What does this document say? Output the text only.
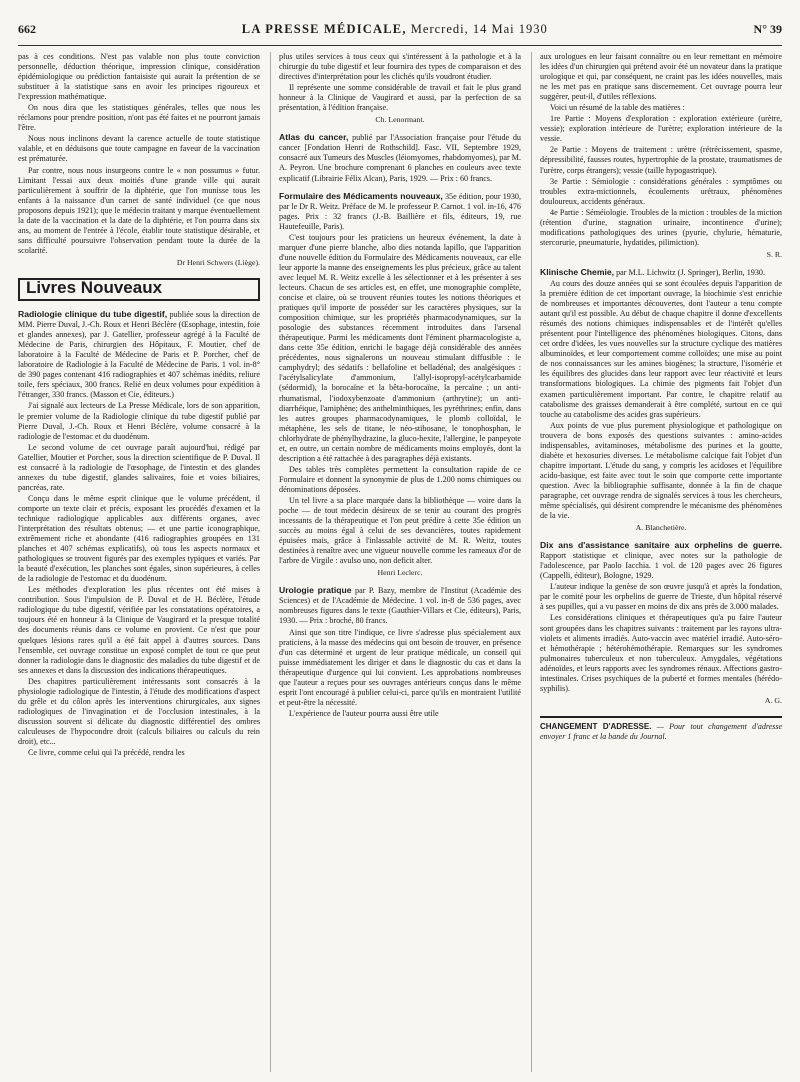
662	LA PRESSE MÉDICALE, Mercredi, 14 Mai 1930	N° 39

pas à ces conditions. N'est pas valable non plus toute conviction personnelle, déduction théorique, impression clinique, considération épidémiologique ou prédiction fantaisiste qui aurait la prétention de se substituer à la statistique sans en avoir les principes rigoureux et l'expression mathématique.

On nous dira que les statistiques générales, telles que nous les réclamons pour prendre position, n'ont pas été faites et ne pourront jamais l'être.

Nous nous inclinons devant la carence actuelle de toute statistique valable, et en déduisons que toute campagne en faveur de la vaccination est prématurée.

Par contre, nous nous insurgeons contre le « non possumus » futur. Limitant l'essai aux deux moitiés d'une grande ville qui aurait particulièrement à souffrir de la diphtérie, que l'on munisse tous les enfants à la naissance d'un carnet de santé individuel (ce que nous proposons depuis 1921); que le médecin traitant y marque éventuellement la date de la vaccination et la date de la diphtérie, et l'on pourra dans six ans, au moment de l'entrée à l'école, établir toute statistique désirable, et sans difficulté poursuivre l'observation pendant toute la durée de la scolarité.

Dr Henri Schwers (Liège).

Livres Nouveaux

Radiologie clinique du tube digestif, publiée sous la direction de MM. Pierre Duval, J.-Ch. Roux et Henri Béclère (Œsophage, intestin, foie et glandes annexes), par J. Gatellier, professeur agrégé à la Faculté de Médecine de Paris, chirurgien des Hôpitaux, F. Moutier, chef de laboratoire à la Faculté de Médecine de Paris et P. Porcher, chef de laboratoire de Radiologie à la Faculté de Médecine de Paris. 1 vol. in-8° de 390 pages contenant 416 radiographies et 407 schémas inédits, reliure toile, fers spéciaux, 300 francs. Relié en deux volumes pour expédition à l'étranger, 330 francs. (Masson et Cie, éditeurs.)

J'ai signalé aux lecteurs de La Presse Médicale, lors de son apparition, le premier volume de la Radiologie clinique du tube digestif publié par Pierre Duval, J.-Ch. Roux et Henri Béclère, volume consacré à la radiologie de l'estomac et du duodénum.

Le second volume de cet ouvrage paraît aujourd'hui, rédigé par Gatellier, Moutier et Porcher, sous la direction scientifique de P. Duval. Il est consacré à la radiologie de l'œsophage, de l'intestin et des glandes annexes du tube digestif, glandes salivaires, foie et voies biliaires, pancréas, rate.

Conçu dans le même esprit clinique que le volume précédent, il comporte un texte clair et précis, exposant les procédés d'examen et la technique radiologique applicables aux différents organes, avec l'interprétation des résultats obtenus; — et une partie iconographique, extrêmement riche et abondante (416 radiographies groupées en 131 planches et 407 schémas explicatifs), où tous les aspects normaux et pathologiques se trouvent figurés par des exemples typiques et variés. Par la beauté d'exécution, les planches sont égales, sinon supérieures, à celles de la radiologie de l'estomac et du duodénum.

Les méthodes d'exploration les plus récentes ont été mises à contribution. Sous l'impulsion de P. Duval et de H. Béclère, l'étude radiologique du tube digestif, vérifiée par les constatations opératoires, a toujours été en honneur à la Clinique de Vaugirard et la presque totalité des documents réunis dans ce volume en provient. Ce n'est que pour quelques lésions rares qu'il a été fait appel à d'autres sources. Dans l'ensemble, cet ouvrage constitue un exposé complet de tout ce que peut donner la radiologie dans le diagnostic des maladies du tube digestif et de ses annexes et dans la discussion des indications thérapeutiques.

Des chapitres particulièrement intéressants sont consacrés à la physiologie radiologique de l'intestin, à l'étude des modifications d'aspect du grêle et du côlon après les interventions chirurgicales, aux signes radiologiques de l'invagination et de l'occlusion intestinales, à la discussion souvent si délicate du diagnostic différentiel des ombres calculeuses de l'hypocondre droit (calculs biliaires ou calculs du rein droit), etc...

Ce livre, comme celui qui l'a précédé, rendra les

plus utiles services à tous ceux qui s'intéressent à la pathologie et à la chirurgie du tube digestif et leur fournira des types de comparaison et des directives d'interprétation pour les clichés qu'ils voudront étudier.

Il représente une somme considérable de travail et fait le plus grand honneur à la Clinique de Vaugirard et aussi, par la perfection de sa présentation, à l'édition française.

Ch. Lenormant.

Atlas du cancer, publié par l'Association française pour l'étude du cancer [Fondation Henri de Rothschild]. Fasc. VII, Septembre 1929, consacré aux Tumeurs des Muscles (léiomyomes, rhabdomyomes), par M. A. Peyron. Une brochure comprenant 6 planches en couleurs avec texte explicatif (Librairie Félix Alcan), Paris, 1929. — Prix : 60 francs.

Formulaire des Médicaments nouveaux, 35e édition, pour 1930, par le Dr R. Weitz. Préface de M. le professeur P. Carnot. 1 vol. in-16, 476 pages. Prix : 32 francs (J.-B. Baillière et fils, éditeurs, 19, rue Hautefeuille, Paris).

C'est toujours pour les praticiens un heureux événement, la date à marquer d'une pierre blanche, albo dies notanda lapillo, que l'apparition d'une nouvelle édition du Formulaire des Médicaments nouveaux, car elle leur apporte la manne des enseignements les plus précieux, grâce au talent avec lequel M. R. Weitz excelle à les sélectionner et à les présenter à ses lecteurs. Chacun de ses articles est, en effet, une monographie complète, concise et claire, où se trouvent réunies toutes les notions théoriques et pratiques qu'il importe de posséder sur les caractères physiques, sur la composition chimique, sur les propriétés pharmacodynamiques, sur la posologie des substances récemment introduites dans l'arsenal thérapeutique. Parmi les médicaments dont l'éminent pharmacologiste a, dans cette 35e édition, enrichi le bagage déjà considérable des années précédentes, nous signalerons un nouveau stimulant diffusible : le camphydryl; des sédatifs : bellafoline et belladénal; des analgésiques : l'acétylsalicylate d'ammonium, l'allyl-isopropyl-acétylcarbamide (sédormid), la borocaïne et la bêta-borocaïne, la percaïne ; un anti-rhumatismal, l'iodoxybenzoate d'ammonium (arthrytine); un anti-diarrhéique, l'amiphène; des anthelminthiques, les pyréthrines; enfin, dans les autres groupes pharmacodynamiques, le plomb colloïdal, le métaphène, les sels de titane, le néo-stibosane, le tonophosphan, le chlorhydrate de phénylhydrazine, la gluco-hexite, l'allergine, le panpeyote et, en outre, un certain nombre de médicaments moins employés, dont la description a été rattachée à des paragraphes déjà existants.

Des tables très complètes permettent la consultation rapide de ce Formulaire et donnent la synonymie de plus de 1.200 noms chimiques ou dénominations déposées.

Un tel livre a sa place marquée dans la bibliothèque — voire dans la poche — de tout médecin désireux de se tenir au courant des progrès incessants de la thérapeutique et l'on peut prédire à cette 35e édition un succès au moins égal à celui de ses devancières, toutes rapidement épuisées mais, grâce à l'inlassable activité de M. R. Weitz, toutes destinées à renaître avec une vigueur nouvelle comme les rameaux d'or de l'arbre de Virgile : avulso uno, non deficit alter.

Henri Leclerc.

Urologie pratique par P. Bazy, membre de l'Institut (Académie des Sciences) et de l'Académie de Médecine. 1 vol. in-8 de 536 pages, avec nombreuses figures dans le texte (Gauthier-Villars et Cie, éditeurs), Paris, 1930. — Prix : broché, 80 francs.

Ainsi que son titre l'indique, ce livre s'adresse plus spécialement aux praticiens, à la masse des médecins qui ont besoin de trouver, en présence d'un cas déterminé et urgent de leur pratique médicale, un conseil qui puisse immédiatement les diriger et dans le diagnostic du cas et dans la thérapeutique d'urgence qui lui convient. Les approbations nombreuses que l'auteur a reçues pour ses ouvrages antérieurs conçus dans le même esprit l'ont encouragé à publier celui-ci, parce qu'ils en montraient l'utilité et peut-être la nécessité.

L'expérience de l'auteur pourra aussi être utile

aux urologues en leur faisant connaître ou en leur remettant en mémoire les idées d'un chirurgien qui prétend avoir été un novateur dans la pratique urologique et qui, par conséquent, ne craint pas les idées nouvelles, mais ne les met pas en pratique sans discernement. Cet ouvrage pourra leur suggérer, peut-il, d'utiles réflexions.

Voici un résumé de la table des matières :

1re Partie : Moyens d'exploration : exploration extérieure (urètre, vessie); exploration intérieure de l'urètre; exploration intérieure de la vessie.

2e Partie : Moyens de traitement : urètre (rétrécissement, spasme, dépressibilité, fausses routes, hypertrophie de la prostate, traumatismes de l'urètre, corps étrangers); vessie (taille hypogastrique).

3e Partie : Sémiologie : considérations générales : symptômes ou troubles extra-mictionnels, écoulements urétraux, phénomènes douloureux, accidents généraux.

4e Partie : Séméiologie. Troubles de la miction : troubles de la miction (rétention d'urine, stagnation urinaire, incontinence d'urine); modifications pathologiques des urines (pyurie, chylurie, hématurie, stercorurie, pneumaturie, hydatides, pilimiction).

S. R.

Klinische Chemie, par M.L. Lichwitz (J. Springer), Berlin, 1930.

Au cours des douze années qui se sont écoulées depuis l'apparition de la première édition de cet important ouvrage, la biochimie s'est enrichie de nombreuses et importantes découvertes, dont l'auteur a tenu compte autant qu'il est possible. Au début de chaque chapitre il donne d'excellents résumés des notions chimiques indispensables et de l'intérêt qu'elles présentent pour l'intelligence des phénomènes biologiques. Citons, dans cet ordre d'idées, les vues nouvelles sur la structure cyclique des matières albuminoïdes, et leur comportement comme colloïdes; une mise au point de nos connaissances sur les amines biogènes; la structure, l'isomérie et les équilibres des glucides dans leur rapport avec leur réactivité et leurs transformations biologiques. La chimie des pigments fait l'objet d'un examen particulièrement important. Par contre, le chapitre relatif au catabolisme des graisses demanderait à être complété, surtout en ce qui touche au catabolisme des acides gras supérieurs.

Aux points de vue plus purement physiologique et pathologique on trouvera de bons exposés des questions suivantes : amino-acides indispensables, avitaminoses, métabolisme des purines et la goutte, diabète et hexosuries diverses. Le métabolisme calcique fait l'objet d'un chapitre important. L'étude du sang, y compris les acidoses et l'équilibre acido-basique, est faite avec tout le soin que comporte cette importante question. Avec la bibliographie suffisante, donnée à la fin de chaque paragraphe, cet ouvrage rendra de signalés services à tous les chercheurs, même spécialisés, qui désirent comprendre le mécanisme des phénomènes de la vie.

A. Blanchetière.

Dix ans d'assistance sanitaire aux orphelins de guerre. Rapport statistique et clinique, avec notes sur la pathologie de l'adolescence, par Paolo Iacchia. 1 vol. de 120 pages avec 26 figures (Cappelli, éditeur), Bologne, 1929.

L'auteur indique la genèse de son œuvre jusqu'à et après la fondation, par le comité pour les orphelins de guerre de Trieste, d'un hôpital réservé à ses pupilles, qui a vu passer en moins de dix ans près de 3.000 malades.

Les considérations cliniques et thérapeutiques qu'a pu faire l'auteur sont groupées dans les chapitres suivants : traitement par les rayons ultra-violets et aliments irradiés. Auto-vaccin avec matériel irradié. Auto-séro- et hémothérapie ; hétérohémothérapie. Remarques sur les syndromes pulmonaires tuberculeux et non tuberculeux. Amygdales, végétations adénoïdes, et leurs rapports avec les syndromes rénaux. Affections gastro-intestinales. Crises psychiques de la puberté et formes mentales (hérédo-syphilis).

A. G.

CHANGEMENT D'ADRESSE. — Pour tout changement d'adresse envoyer 1 franc et la bande du Journal.
